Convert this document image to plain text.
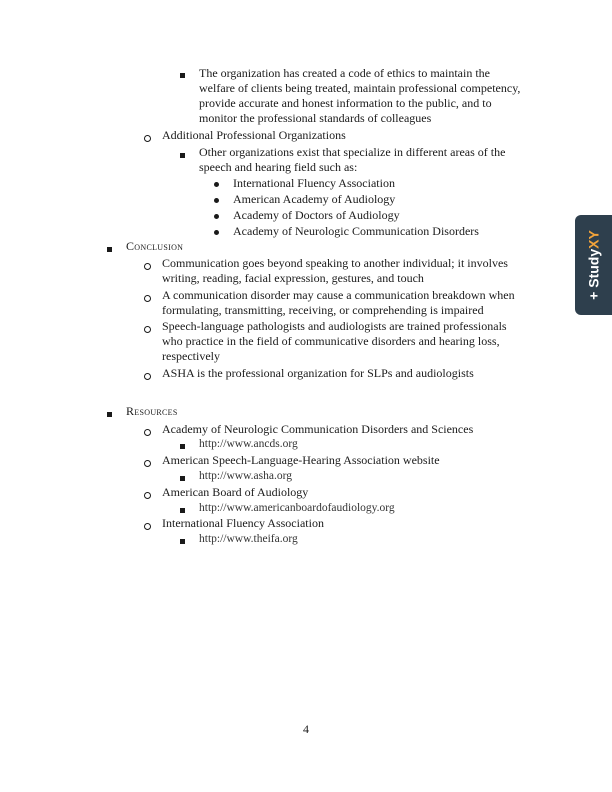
The organization has created a code of ethics to maintain the
welfare of clients being treated, maintain professional competency,
provide accurate and honest information to the public, and to
monitor the professional standards of colleagues
Additional Professional Organizations
Other organizations exist that specialize in different areas of the
speech and hearing field such as:
International Fluency Association
American Academy of Audiology
Academy of Doctors of Audiology
Academy of Neurologic Communication Disorders
Conclusion
Communication goes beyond speaking to another individual; it involves
writing, reading, facial expression, gestures, and touch
A communication disorder may cause a communication breakdown when
formulating, transmitting, receiving, or comprehending is impaired
Speech-language pathologists and audiologists are trained professionals
who practice in the field of communicative disorders and hearing loss,
respectively
ASHA is the professional organization for SLPs and audiologists
Resources
Academy of Neurologic Communication Disorders and Sciences
http://www.ancds.org
American Speech-Language-Hearing Association website
http://www.asha.org
American Board of Audiology
http://www.americanboardofaudiology.org
International Fluency Association
http://www.theifa.org
4
+ StudyXY
